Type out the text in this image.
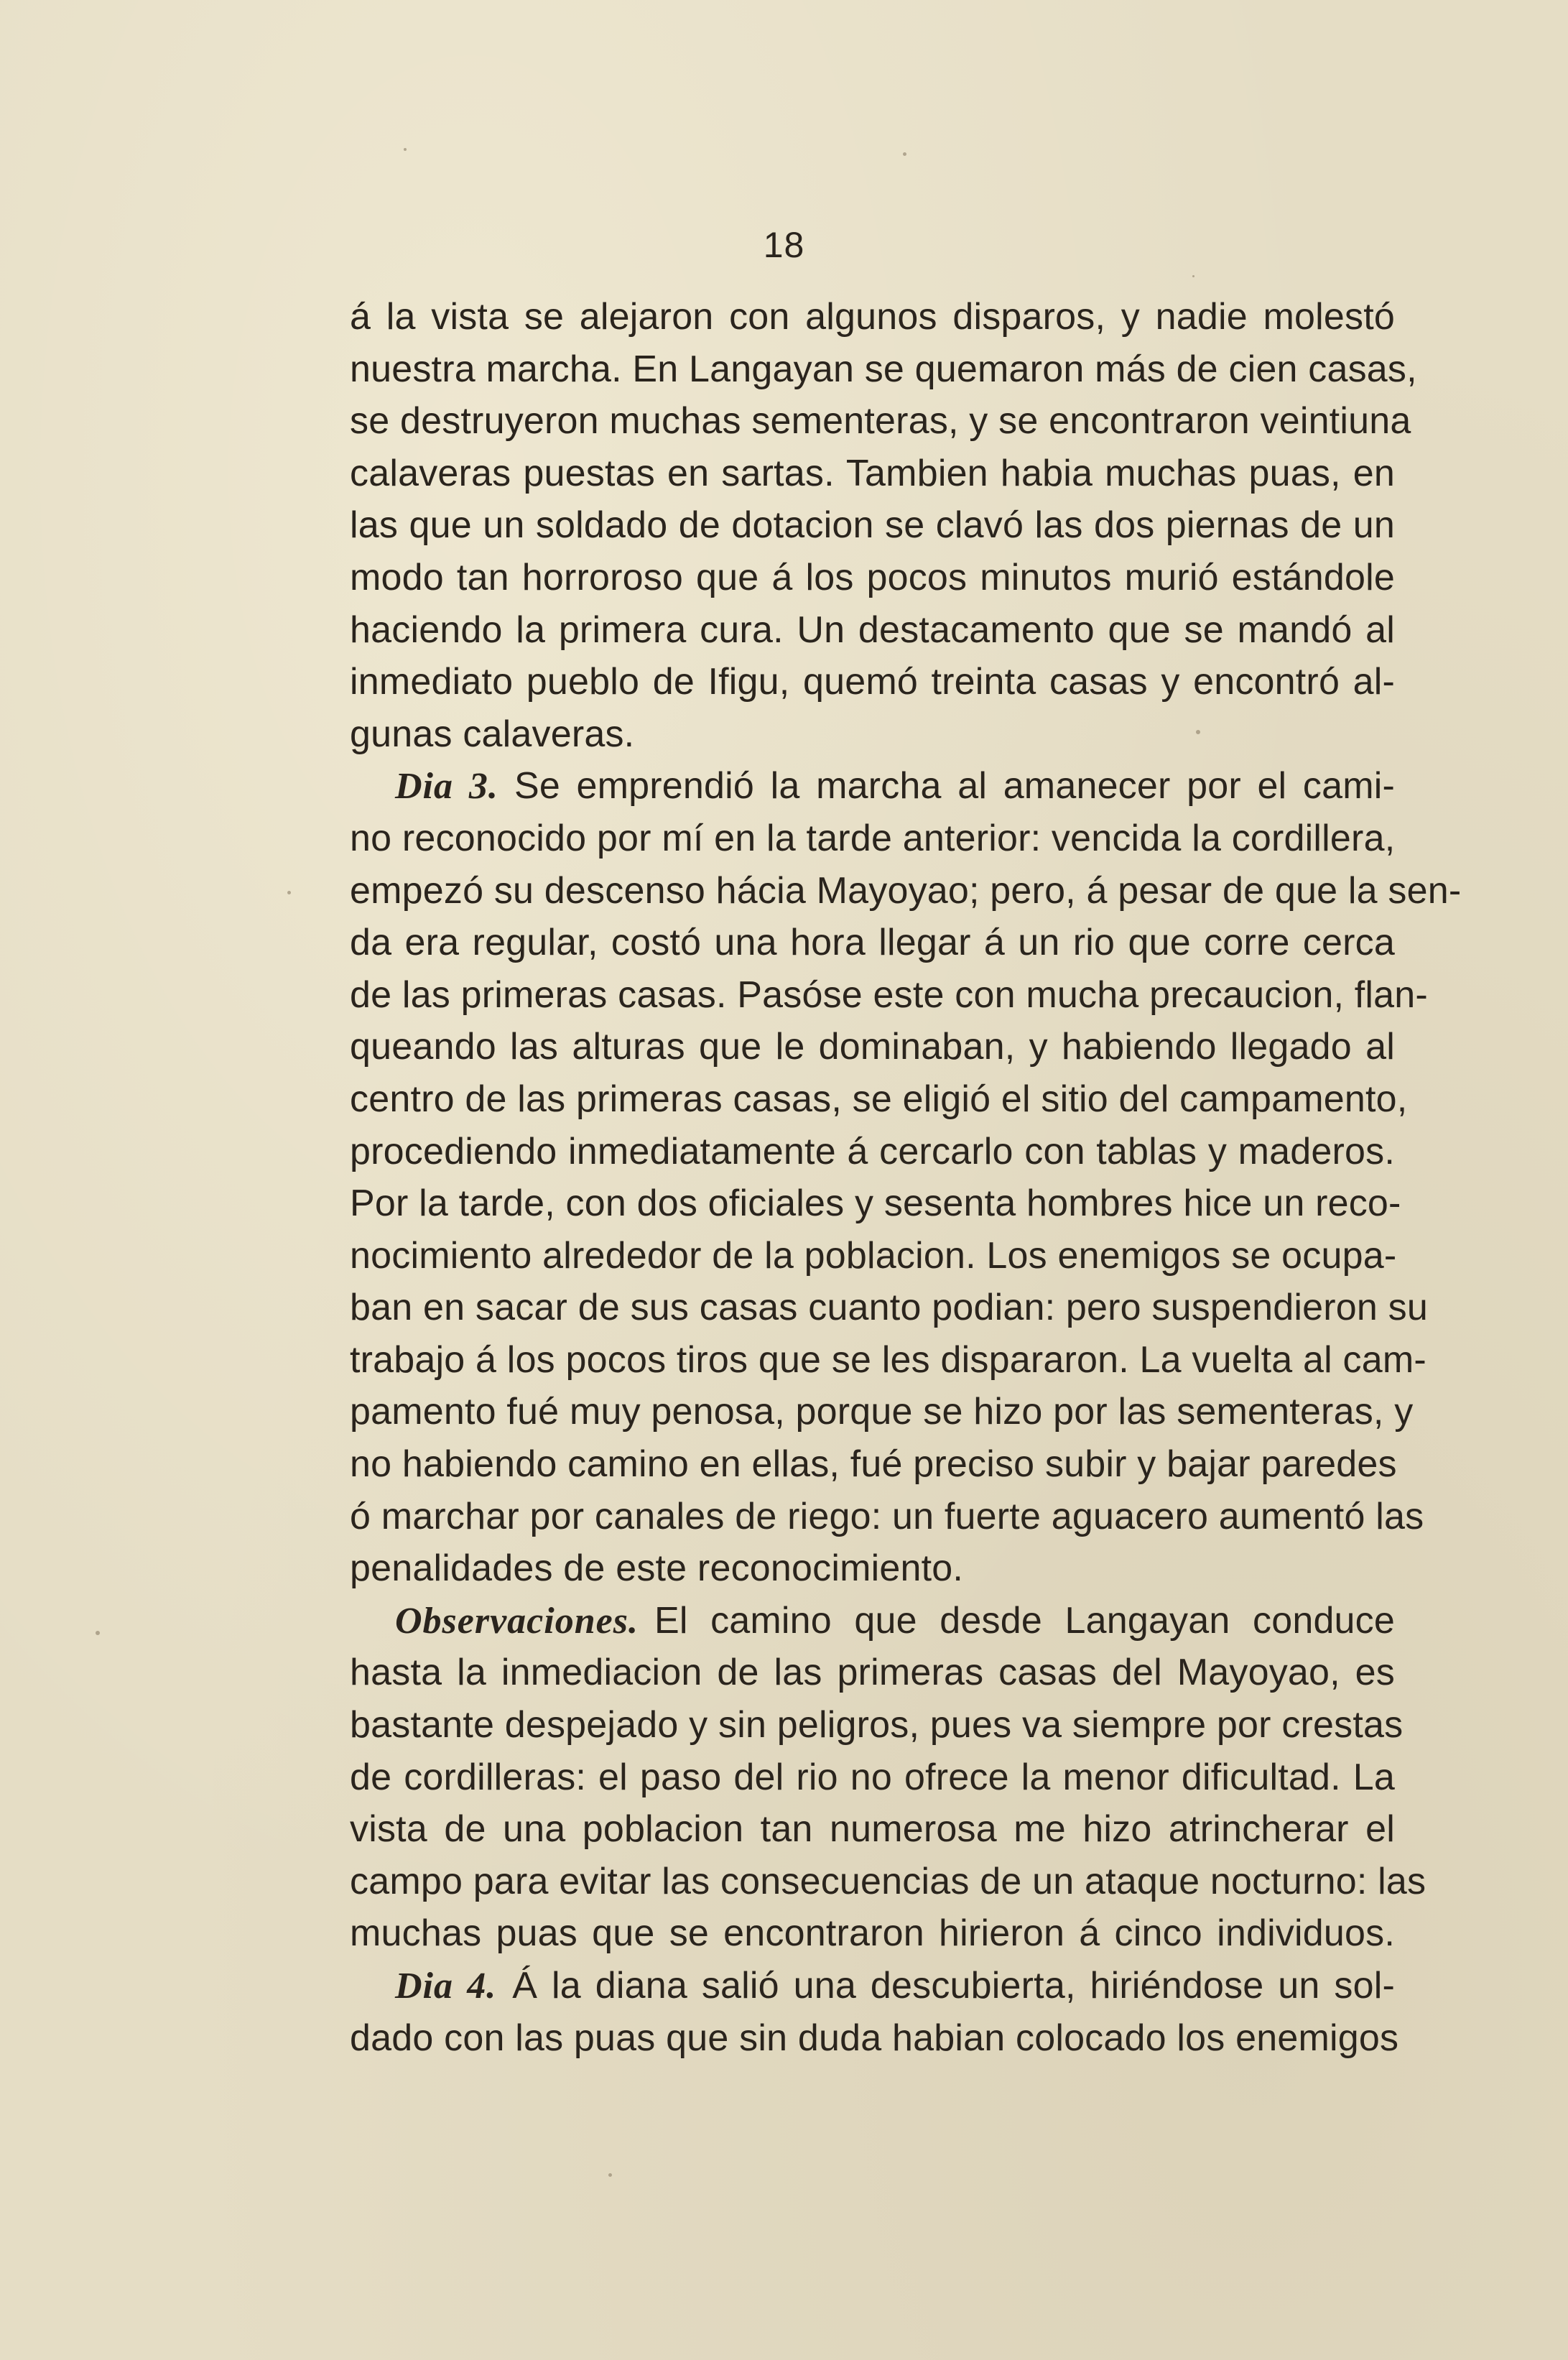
18
á la vista se alejaron con algunos disparos, y nadie molestó
nuestra marcha. En Langayan se quemaron más de cien casas,
se destruyeron muchas sementeras, y se encontraron veintiuna
calaveras puestas en sartas. Tambien habia muchas puas, en
las que un soldado de dotacion se clavó las dos piernas de un
modo tan horroroso que á los pocos minutos murió estándole
haciendo la primera cura. Un destacamento que se mandó al
inmediato pueblo de Ifigu, quemó treinta casas y encontró al-
gunas calaveras.
Dia 3. Se emprendió la marcha al amanecer por el cami-
no reconocido por mí en la tarde anterior: vencida la cordillera,
empezó su descenso hácia Mayoyao; pero, á pesar de que la sen-
da era regular, costó una hora llegar á un rio que corre cerca
de las primeras casas. Pasóse este con mucha precaucion, flan-
queando las alturas que le dominaban, y habiendo llegado al
centro de las primeras casas, se eligió el sitio del campamento,
procediendo inmediatamente á cercarlo con tablas y maderos.
Por la tarde, con dos oficiales y sesenta hombres hice un reco-
nocimiento alrededor de la poblacion. Los enemigos se ocupa-
ban en sacar de sus casas cuanto podian: pero suspendieron su
trabajo á los pocos tiros que se les dispararon. La vuelta al cam-
pamento fué muy penosa, porque se hizo por las sementeras, y
no habiendo camino en ellas, fué preciso subir y bajar paredes
ó marchar por canales de riego: un fuerte aguacero aumentó las
penalidades de este reconocimiento.
Observaciones. El camino que desde Langayan conduce
hasta la inmediacion de las primeras casas del Mayoyao, es
bastante despejado y sin peligros, pues va siempre por crestas
de cordilleras: el paso del rio no ofrece la menor dificultad. La
vista de una poblacion tan numerosa me hizo atrincherar el
campo para evitar las consecuencias de un ataque nocturno: las
muchas puas que se encontraron hirieron á cinco individuos.
Dia 4. Á la diana salió una descubierta, hiriéndose un sol-
dado con las puas que sin duda habian colocado los enemigos
